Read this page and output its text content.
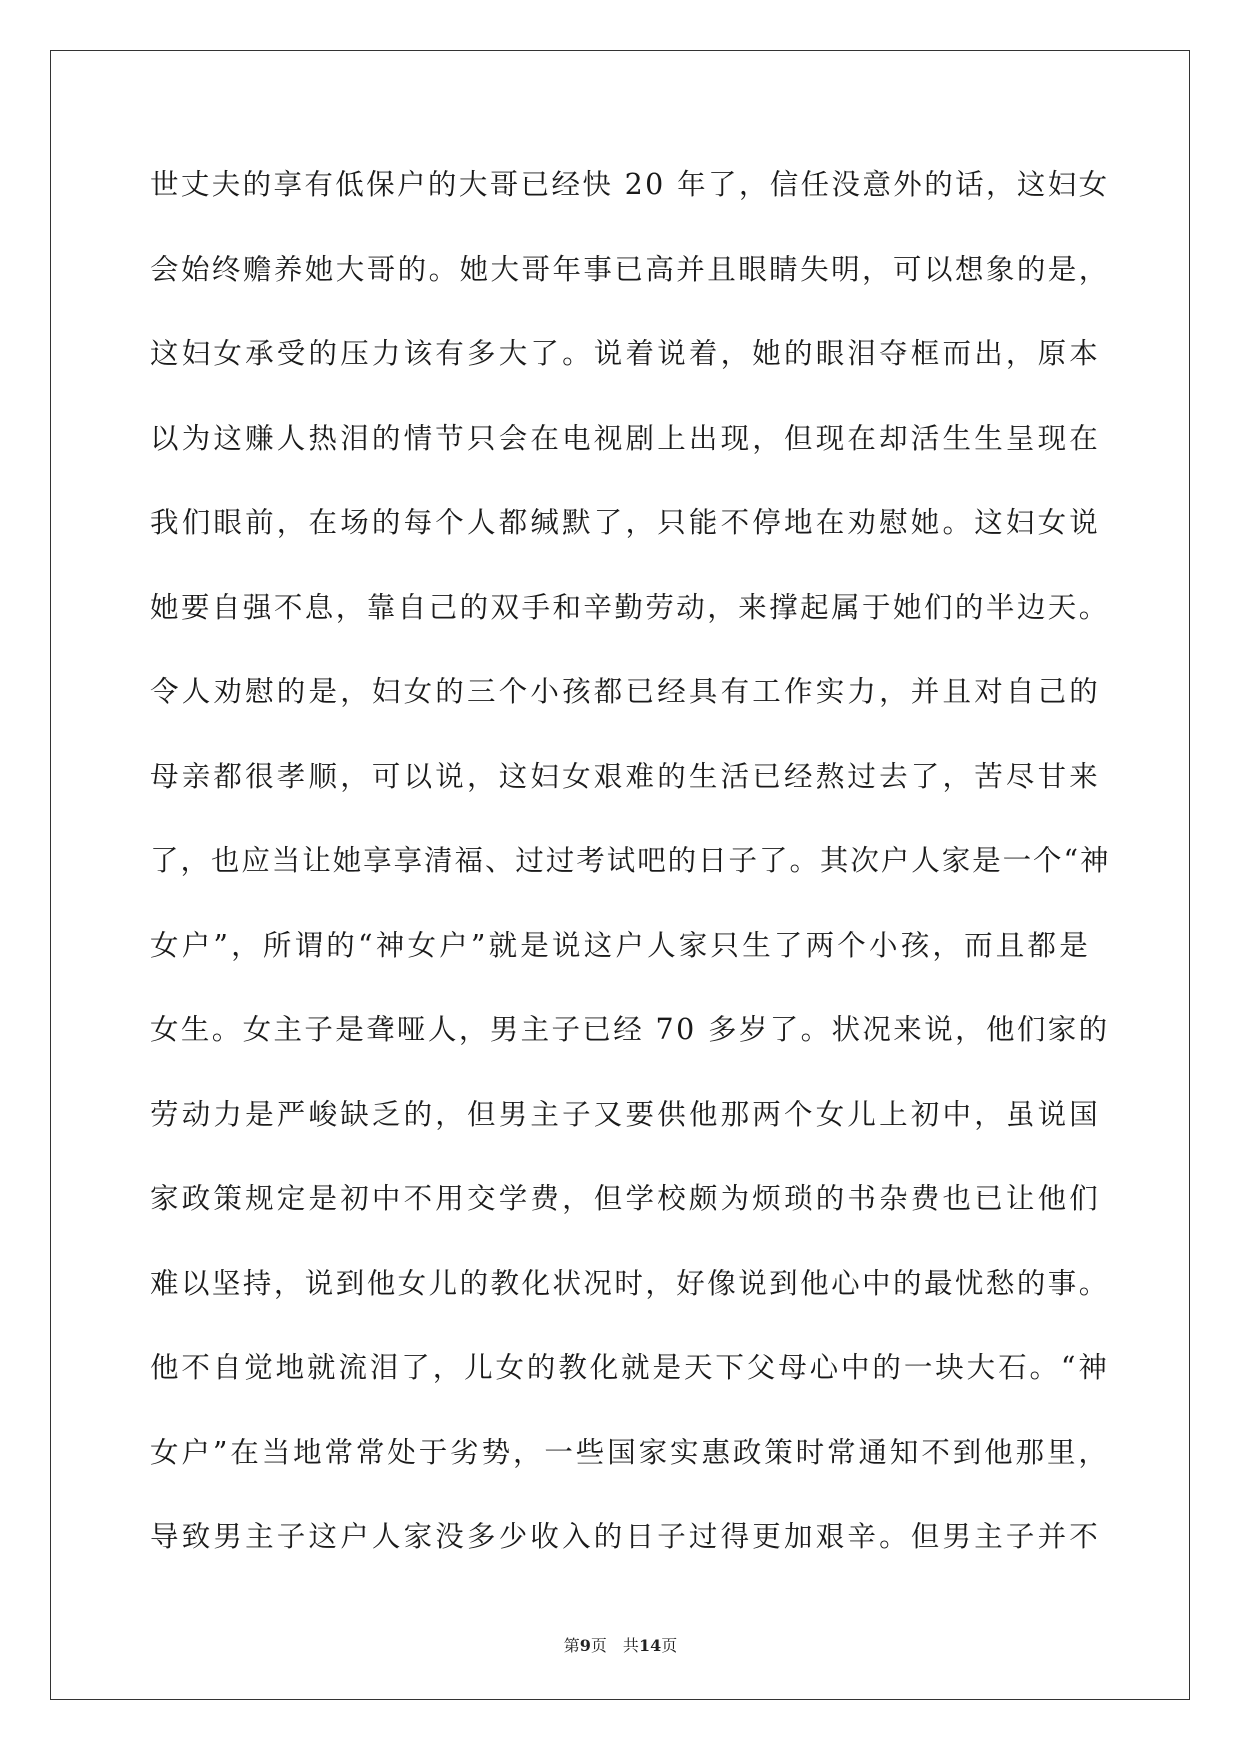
世丈夫的享有低保户的大哥已经快 20 年了，信任没意外的话，这妇女
会始终赡养她大哥的。她大哥年事已高并且眼睛失明，可以想象的是，
这妇女承受的压力该有多大了。说着说着，她的眼泪夺框而出，原本
以为这赚人热泪的情节只会在电视剧上出现，但现在却活生生呈现在
我们眼前，在场的每个人都缄默了，只能不停地在劝慰她。这妇女说
她要自强不息，靠自己的双手和辛勤劳动，来撑起属于她们的半边天。
令人劝慰的是，妇女的三个小孩都已经具有工作实力，并且对自己的
母亲都很孝顺，可以说，这妇女艰难的生活已经熬过去了，苦尽甘来
了，也应当让她享享清福、过过考试吧的日子了。其次户人家是一个“神
女户”，所谓的“神女户”就是说这户人家只生了两个小孩，而且都是
女生。女主子是聋哑人，男主子已经 70 多岁了。状况来说，他们家的
劳动力是严峻缺乏的，但男主子又要供他那两个女儿上初中，虽说国
家政策规定是初中不用交学费，但学校颇为烦琐的书杂费也已让他们
难以坚持，说到他女儿的教化状况时，好像说到他心中的最忧愁的事。
他不自觉地就流泪了，儿女的教化就是天下父母心中的一块大石。“神
女户”在当地常常处于劣势，一些国家实惠政策时常通知不到他那里，
导致男主子这户人家没多少收入的日子过得更加艰辛。但男主子并不
第9页　共14页
